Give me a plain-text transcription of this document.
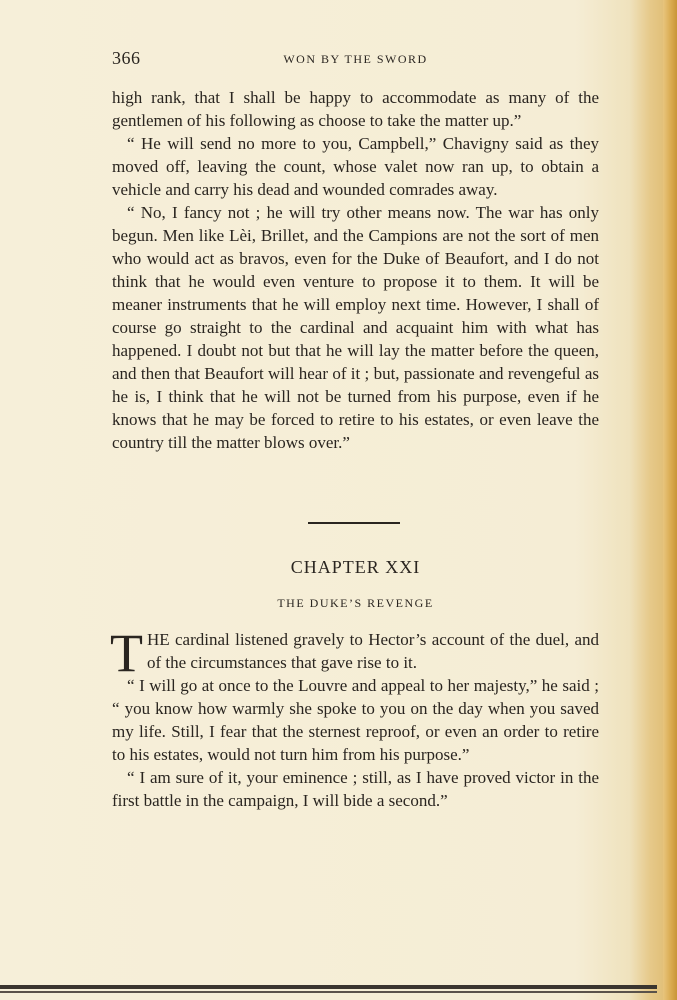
366	WON BY THE SWORD

high rank, that I shall be happy to accommodate as many of the gentlemen of his following as choose to take the matter up.”

“ He will send no more to you, Campbell,” Chavigny said as they moved off, leaving the count, whose valet now ran up, to obtain a vehicle and carry his dead and wounded comrades away.

“ No, I fancy not ; he will try other means now. The war has only begun. Men like Lèi, Brillet, and the Campions are not the sort of men who would act as bravos, even for the Duke of Beaufort, and I do not think that he would even venture to propose it to them. It will be meaner instruments that he will employ next time. However, I shall of course go straight to the cardinal and acquaint him with what has happened. I doubt not but that he will lay the matter before the queen, and then that Beaufort will hear of it ; but, passionate and revengeful as he is, I think that he will not be turned from his purpose, even if he knows that he may be forced to retire to his estates, or even leave the country till the matter blows over.”

CHAPTER XXI
THE DUKE’S REVENGE

THE cardinal listened gravely to Hector’s account of the duel, and of the circumstances that gave rise to it.

“ I will go at once to the Louvre and appeal to her majesty,” he said ; “ you know how warmly she spoke to you on the day when you saved my life. Still, I fear that the sternest reproof, or even an order to retire to his estates, would not turn him from his purpose.”

“ I am sure of it, your eminence ; still, as I have proved victor in the first battle in the campaign, I will bide a second.”
